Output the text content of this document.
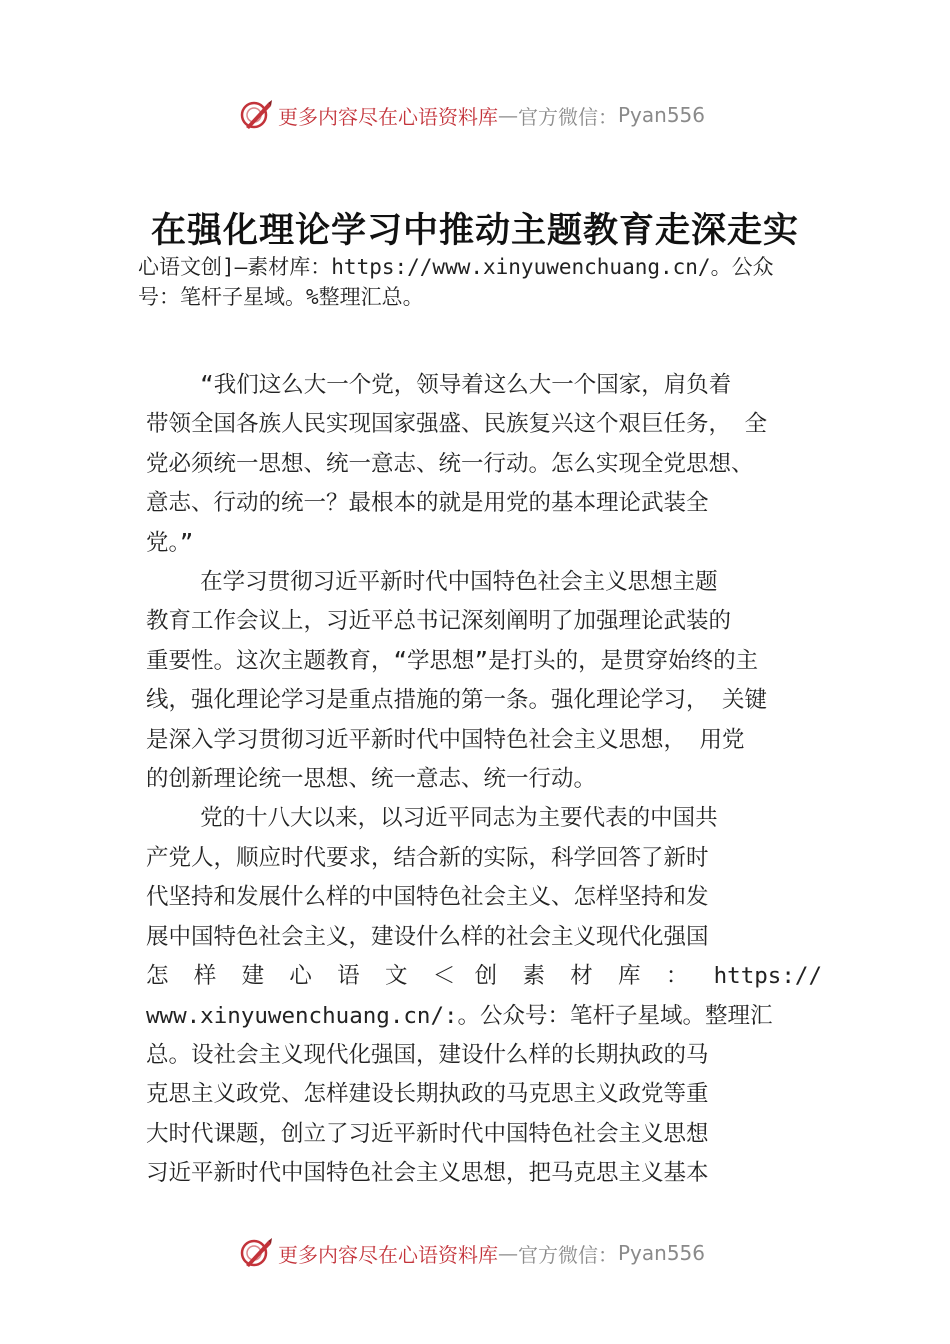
更多内容尽在心语资料库 — 官方微信： Pyan556
在强化理论学习中推动主题教育走深走实
心语文创]—素材库：https://www.xinyuwenchuang.cn/。公众
号：笔杆子星域。%整理汇总。
“我们这么大一个党，领导着这么大一个国家，肩负着
带领全国各族人民实现国家强盛、民族复兴这个艰巨任务， 全
党必须统一思想、统一意志、统一行动。怎么实现全党思想、
意志、行动的统一？最根本的就是用党的基本理论武装全
党。”
在学习贯彻习近平新时代中国特色社会主义思想主题
教育工作会议上，习近平总书记深刻阐明了加强理论武装的
重要性。这次主题教育，“学思想”是打头的，是贯穿始终的主
线，强化理论学习是重点措施的第一条。强化理论学习， 关键
是深入学习贯彻习近平新时代中国特色社会主义思想， 用党
的创新理论统一思想、统一意志、统一行动。
党的十八大以来，以习近平同志为主要代表的中国共
产党人，顺应时代要求，结合新的实际，科学回答了新时
代坚持和发展什么样的中国特色社会主义、怎样坚持和发
展中国特色社会主义，建设什么样的社会主义现代化强国
怎 样 建 心 语 文 ＜ 创 素 材 库 ： https://
www.xinyuwenchuang.cn/:。公众号：笔杆子星域。整理汇
总。设社会主义现代化强国，建设什么样的长期执政的马
克思主义政党、怎样建设长期执政的马克思主义政党等重
大时代课题，创立了习近平新时代中国特色社会主义思想
习近平新时代中国特色社会主义思想，把马克思主义基本
更多内容尽在心语资料库 — 官方微信： Pyan556
